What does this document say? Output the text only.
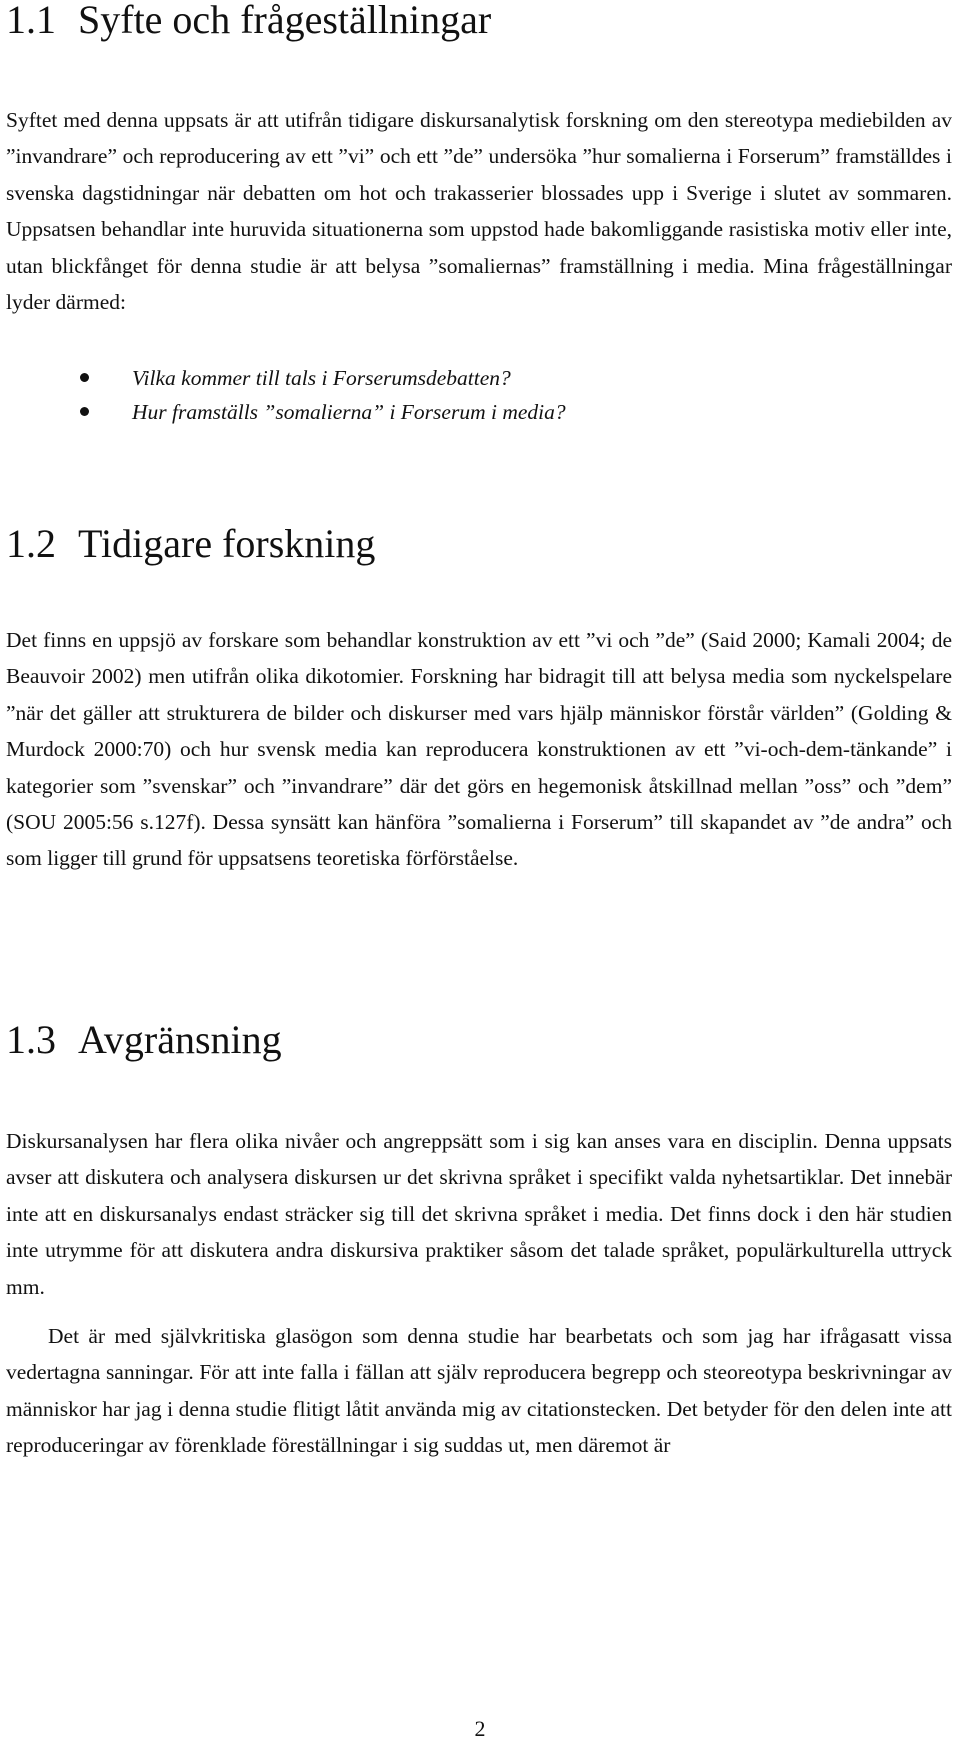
1.1 Syfte och frågeställningar

Syftet med denna uppsats är att utifrån tidigare diskursanalytisk forskning om den stereotypa mediebilden av ”invandrare” och reproducering av ett ”vi” och ett ”de” undersöka ”hur somalierna i Forserum” framställdes i svenska dagstidningar när debatten om hot och trakasserier blossades upp i Sverige i slutet av sommaren. Uppsatsen behandlar inte huruvida situationerna som uppstod hade bakomliggande rasistiska motiv eller inte, utan blickfånget för denna studie är att belysa ”somaliernas” framställning i media. Mina frågeställningar lyder därmed:

Vilka kommer till tals i Forserumsdebatten?
Hur framställs ”somalierna” i Forserum i media?
1.2 Tidigare forskning

Det finns en uppsjö av forskare som behandlar konstruktion av ett ”vi och ”de” (Said 2000; Kamali 2004; de Beauvoir 2002) men utifrån olika dikotomier. Forskning har bidragit till att belysa media som nyckelspelare ”när det gäller att strukturera de bilder och diskurser med vars hjälp människor förstår världen” (Golding & Murdock 2000:70) och hur svensk media kan reproducera konstruktionen av ett ”vi-och-dem-tänkande” i kategorier som ”svenskar” och ”invandrare” där det görs en hegemonisk åtskillnad mellan ”oss” och ”dem” (SOU 2005:56 s.127f). Dessa synsätt kan hänföra ”somalierna i Forserum” till skapandet av ”de andra” och som ligger till grund för uppsatsens teoretiska förförståelse.

1.3 Avgränsning

Diskursanalysen har flera olika nivåer och angreppsätt som i sig kan anses vara en disciplin. Denna uppsats avser att diskutera och analysera diskursen ur det skrivna språket i specifikt valda nyhetsartiklar. Det innebär inte att en diskursanalys endast sträcker sig till det skrivna språket i media. Det finns dock i den här studien inte utrymme för att diskutera andra diskursiva praktiker såsom det talade språket, populärkulturella uttryck mm.

Det är med självkritiska glasögon som denna studie har bearbetats och som jag har ifrågasatt vissa vedertagna sanningar. För att inte falla i fällan att själv reproducera begrepp och steoreotypa beskrivningar av människor har jag i denna studie flitigt låtit använda mig av citationstecken. Det betyder för den delen inte att reproduceringar av förenklade föreställningar i sig suddas ut, men däremot är

2
